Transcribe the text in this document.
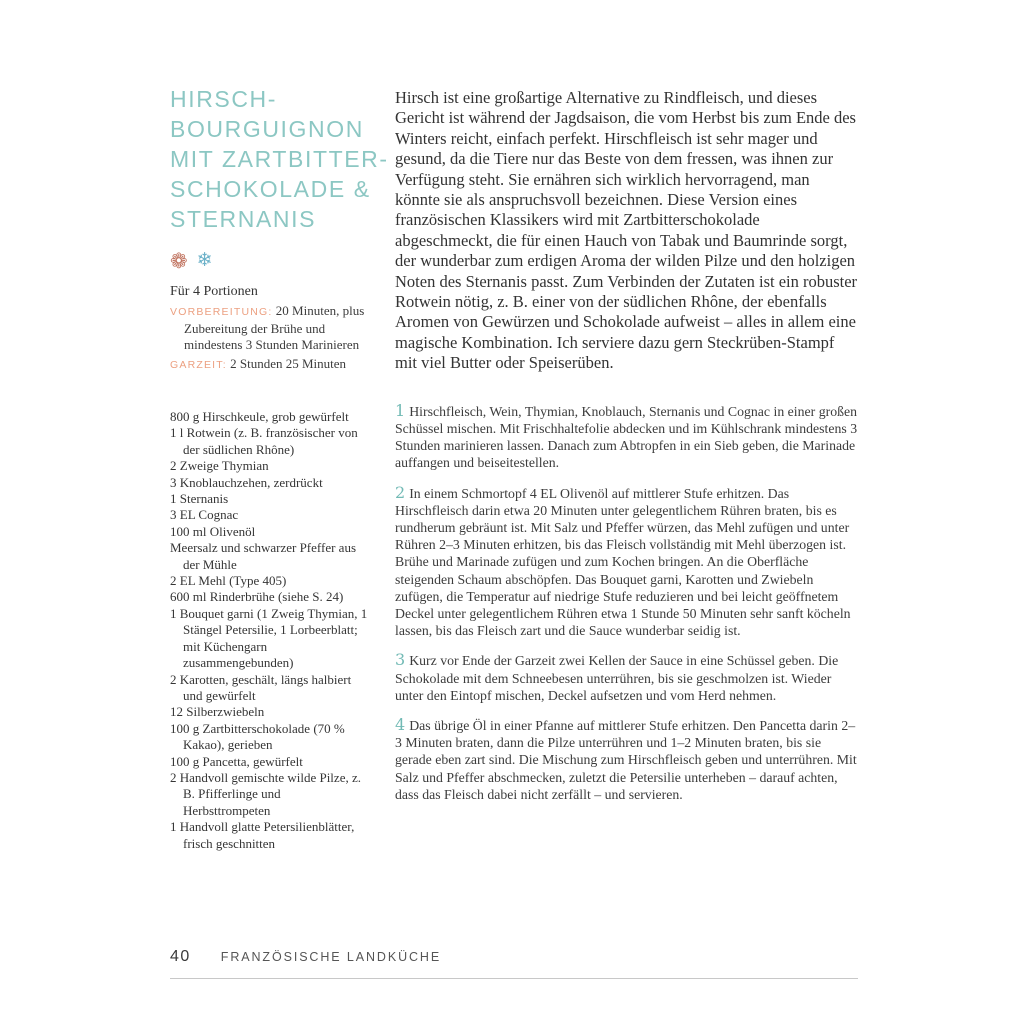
HIRSCH-
BOURGUIGNON
MIT ZARTBITTER-
SCHOKOLADE &
STERNANIS
❁ ❄

Für 4 Portionen

VORBEREITUNG: 20 Minuten, plus Zubereitung der Brühe und mindestens 3 Stunden Marinieren

GARZEIT: 2 Stunden 25 Minuten

800 g Hirschkeule, grob gewürfelt
1 l Rotwein (z. B. französischer von der südlichen Rhône)
2 Zweige Thymian
3 Knoblauchzehen, zerdrückt
1 Sternanis
3 EL Cognac
100 ml Olivenöl
Meersalz und schwarzer Pfeffer aus der Mühle
2 EL Mehl (Type 405)
600 ml Rinderbrühe (siehe S. 24)
1 Bouquet garni (1 Zweig Thymian, 1 Stängel Petersilie, 1 Lorbeerblatt; mit Küchengarn zusammengebunden)
2 Karotten, geschält, längs halbiert und gewürfelt
12 Silberzwiebeln
100 g Zartbitterschokolade (70 % Kakao), gerieben
100 g Pancetta, gewürfelt
2 Handvoll gemischte wilde Pilze, z. B. Pfifferlinge und Herbsttrompeten
1 Handvoll glatte Petersilienblätter, frisch geschnitten

Hirsch ist eine großartige Alternative zu Rindfleisch, und dieses Gericht ist während der Jagdsaison, die vom Herbst bis zum Ende des Winters reicht, einfach perfekt. Hirschfleisch ist sehr mager und gesund, da die Tiere nur das Beste von dem fressen, was ihnen zur Verfügung steht. Sie ernähren sich wirklich hervorragend, man könnte sie als anspruchsvoll bezeichnen. Diese Version eines französischen Klassikers wird mit Zartbitterschokolade abgeschmeckt, die für einen Hauch von Tabak und Baumrinde sorgt, der wunderbar zum erdigen Aroma der wilden Pilze und den holzigen Noten des Sternanis passt. Zum Verbinden der Zutaten ist ein robuster Rotwein nötig, z. B. einer von der südlichen Rhône, der ebenfalls Aromen von Gewürzen und Schokolade aufweist – alles in allem eine magische Kombination. Ich serviere dazu gern Steckrüben-Stampf mit viel Butter oder Speiserüben.

1 Hirschfleisch, Wein, Thymian, Knoblauch, Sternanis und Cognac in einer großen Schüssel mischen. Mit Frischhaltefolie abdecken und im Kühlschrank mindestens 3 Stunden marinieren lassen. Danach zum Abtropfen in ein Sieb geben, die Marinade auffangen und beiseitestellen.

2 In einem Schmortopf 4 EL Olivenöl auf mittlerer Stufe erhitzen. Das Hirschfleisch darin etwa 20 Minuten unter gelegentlichem Rühren braten, bis es rundherum gebräunt ist. Mit Salz und Pfeffer würzen, das Mehl zufügen und unter Rühren 2–3 Minuten erhitzen, bis das Fleisch vollständig mit Mehl überzogen ist. Brühe und Marinade zufügen und zum Kochen bringen. An die Oberfläche steigenden Schaum abschöpfen. Das Bouquet garni, Karotten und Zwiebeln zufügen, die Temperatur auf niedrige Stufe reduzieren und bei leicht geöffnetem Deckel unter gelegentlichem Rühren etwa 1 Stunde 50 Minuten sehr sanft köcheln lassen, bis das Fleisch zart und die Sauce wunderbar seidig ist.

3 Kurz vor Ende der Garzeit zwei Kellen der Sauce in eine Schüssel geben. Die Schokolade mit dem Schneebesen unterrühren, bis sie geschmolzen ist. Wieder unter den Eintopf mischen, Deckel aufsetzen und vom Herd nehmen.

4 Das übrige Öl in einer Pfanne auf mittlerer Stufe erhitzen. Den Pancetta darin 2–3 Minuten braten, dann die Pilze unterrühren und 1–2 Minuten braten, bis sie gerade eben zart sind. Die Mischung zum Hirschfleisch geben und unterrühren. Mit Salz und Pfeffer abschmecken, zuletzt die Petersilie unterheben – darauf achten, dass das Fleisch dabei nicht zerfällt – und servieren.

40 FRANZÖSISCHE LANDKÜCHE
